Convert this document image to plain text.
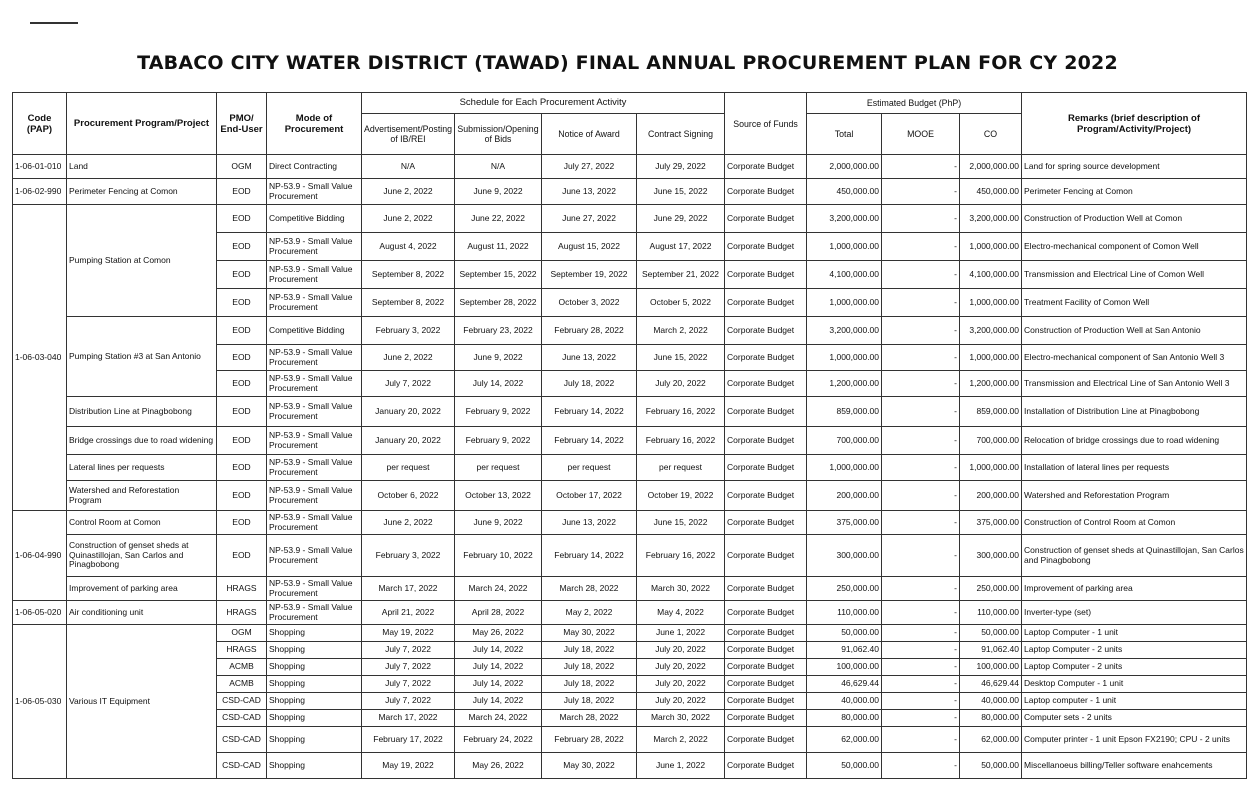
TABACO CITY WATER DISTRICT (TAWAD) FINAL ANNUAL PROCUREMENT PLAN FOR CY 2022
Code (PAP)	Procurement Program/Project	PMO/ End-User	Mode of Procurement	Schedule for Each Procurement Activity				Source of Funds	Estimated Budget (PhP)			Remarks (brief description of Program/Activity/Project)
				Advertisement/Posting of IB/REI	Submission/Opening of Bids	Notice of Award	Contract Signing		Total	MOOE	CO	
1-06-01-010	Land	OGM	Direct Contracting	N/A	N/A	July 27, 2022	July 29, 2022	Corporate Budget	2,000,000.00	-	2,000,000.00	Land for spring source development
1-06-02-990	Perimeter Fencing at Comon	EOD	NP-53.9 - Small Value Procurement	June 2, 2022	June 9, 2022	June 13, 2022	June 15, 2022	Corporate Budget	450,000.00	-	450,000.00	Perimeter Fencing at Comon
1-06-03-040	Pumping Station at Comon	EOD	Competitive Bidding	June 2, 2022	June 22, 2022	June 27, 2022	June 29, 2022	Corporate Budget	3,200,000.00	-	3,200,000.00	Construction of Production Well at Comon
		EOD	NP-53.9 - Small Value Procurement	August 4, 2022	August 11, 2022	August 15, 2022	August 17, 2022	Corporate Budget	1,000,000.00	-	1,000,000.00	Electro-mechanical component of Comon Well
		EOD	NP-53.9 - Small Value Procurement	September 8, 2022	September 15, 2022	September 19, 2022	September 21, 2022	Corporate Budget	4,100,000.00	-	4,100,000.00	Transmission and Electrical Line of Comon Well
		EOD	NP-53.9 - Small Value Procurement	September 8, 2022	September 28, 2022	October 3, 2022	October 5, 2022	Corporate Budget	1,000,000.00	-	1,000,000.00	Treatment Facility of Comon Well
	Pumping Station #3 at San Antonio	EOD	Competitive Bidding	February 3, 2022	February 23, 2022	February 28, 2022	March 2, 2022	Corporate Budget	3,200,000.00	-	3,200,000.00	Construction of Production Well at San Antonio
		EOD	NP-53.9 - Small Value Procurement	June 2, 2022	June 9, 2022	June 13, 2022	June 15, 2022	Corporate Budget	1,000,000.00	-	1,000,000.00	Electro-mechanical component of San Antonio Well 3
		EOD	NP-53.9 - Small Value Procurement	July 7, 2022	July 14, 2022	July 18, 2022	July 20, 2022	Corporate Budget	1,200,000.00	-	1,200,000.00	Transmission and Electrical Line of San Antonio Well 3
	Distribution Line at Pinagbobong	EOD	NP-53.9 - Small Value Procurement	January 20, 2022	February 9, 2022	February 14, 2022	February 16, 2022	Corporate Budget	859,000.00	-	859,000.00	Installation of Distribution Line at Pinagbobong
	Bridge crossings due to road widening	EOD	NP-53.9 - Small Value Procurement	January 20, 2022	February 9, 2022	February 14, 2022	February 16, 2022	Corporate Budget	700,000.00	-	700,000.00	Relocation of bridge crossings due to road widening
	Lateral lines per requests	EOD	NP-53.9 - Small Value Procurement	per request	per request	per request	per request	Corporate Budget	1,000,000.00	-	1,000,000.00	Installation of lateral lines per requests
	Watershed and Reforestation Program	EOD	NP-53.9 - Small Value Procurement	October 6, 2022	October 13, 2022	October 17, 2022	October 19, 2022	Corporate Budget	200,000.00	-	200,000.00	Watershed and Reforestation Program
1-06-04-990	Control Room at Comon	EOD	NP-53.9 - Small Value Procurement	June 2, 2022	June 9, 2022	June 13, 2022	June 15, 2022	Corporate Budget	375,000.00	-	375,000.00	Construction of Control Room at Comon
	Construction of genset sheds at Quinastillojan, San Carlos and Pinagbobong	EOD	NP-53.9 - Small Value Procurement	February 3, 2022	February 10, 2022	February 14, 2022	February 16, 2022	Corporate Budget	300,000.00	-	300,000.00	Construction of genset sheds at Quinastillojan, San Carlos and Pinagbobong
	Improvement of parking area	HRAGS	NP-53.9 - Small Value Procurement	March 17, 2022	March 24, 2022	March 28, 2022	March 30, 2022	Corporate Budget	250,000.00	-	250,000.00	Improvement of parking area
1-06-05-020	Air conditioning unit	HRAGS	NP-53.9 - Small Value Procurement	April 21, 2022	April 28, 2022	May 2, 2022	May 4, 2022	Corporate Budget	110,000.00	-	110,000.00	Inverter-type (set)
1-06-05-030	Various IT Equipment	OGM	Shopping	May 19, 2022	May 26, 2022	May 30, 2022	June 1, 2022	Corporate Budget	50,000.00	-	50,000.00	Laptop Computer - 1 unit
		HRAGS	Shopping	July 7, 2022	July 14, 2022	July 18, 2022	July 20, 2022	Corporate Budget	91,062.40	-	91,062.40	Laptop Computer - 2 units
		ACMB	Shopping	July 7, 2022	July 14, 2022	July 18, 2022	July 20, 2022	Corporate Budget	100,000.00	-	100,000.00	Laptop Computer - 2 units
		ACMB	Shopping	July 7, 2022	July 14, 2022	July 18, 2022	July 20, 2022	Corporate Budget	46,629.44	-	46,629.44	Desktop Computer - 1 unit
		CSD-CAD	Shopping	July 7, 2022	July 14, 2022	July 18, 2022	July 20, 2022	Corporate Budget	40,000.00	-	40,000.00	Laptop computer - 1 unit
		CSD-CAD	Shopping	March 17, 2022	March 24, 2022	March 28, 2022	March 30, 2022	Corporate Budget	80,000.00	-	80,000.00	Computer sets - 2 units
		CSD-CAD	Shopping	February 17, 2022	February 24, 2022	February 28, 2022	March 2, 2022	Corporate Budget	62,000.00	-	62,000.00	Computer printer - 1 unit Epson FX2190; CPU - 2 units
		CSD-CAD	Shopping	May 19, 2022	May 26, 2022	May 30, 2022	June 1, 2022	Corporate Budget	50,000.00	-	50,000.00	Miscellanoeus billing/Teller software enahcements
